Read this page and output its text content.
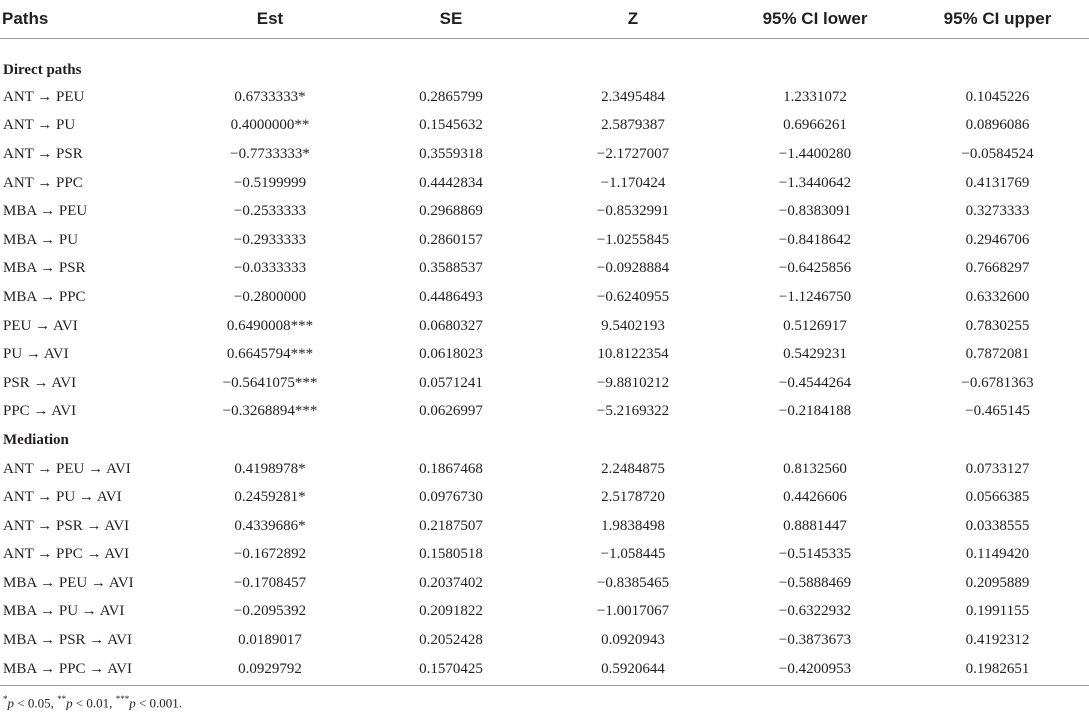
Paths	Est	SE	Z	95% CI lower	95% CI upper
Direct paths					
ANT → PEU	0.6733333*	0.2865799	2.3495484	1.2331072	0.1045226
ANT → PU	0.4000000**	0.1545632	2.5879387	0.6966261	0.0896086
ANT → PSR	−0.7733333*	0.3559318	−2.1727007	−1.4400280	−0.0584524
ANT → PPC	−0.5199999	0.4442834	−1.170424	−1.3440642	0.4131769
MBA → PEU	−0.2533333	0.2968869	−0.8532991	−0.8383091	0.3273333
MBA → PU	−0.2933333	0.2860157	−1.0255845	−0.8418642	0.2946706
MBA → PSR	−0.0333333	0.3588537	−0.0928884	−0.6425856	0.7668297
MBA → PPC	−0.2800000	0.4486493	−0.6240955	−1.1246750	0.6332600
PEU → AVI	0.6490008***	0.0680327	9.5402193	0.5126917	0.7830255
PU → AVI	0.6645794***	0.0618023	10.8122354	0.5429231	0.7872081
PSR → AVI	−0.5641075***	0.0571241	−9.8810212	−0.4544264	−0.6781363
PPC → AVI	−0.3268894***	0.0626997	−5.2169322	−0.2184188	−0.465145
Mediation					
ANT → PEU → AVI	0.4198978*	0.1867468	2.2484875	0.8132560	0.0733127
ANT → PU → AVI	0.2459281*	0.0976730	2.5178720	0.4426606	0.0566385
ANT → PSR → AVI	0.4339686*	0.2187507	1.9838498	0.8881447	0.0338555
ANT → PPC → AVI	−0.1672892	0.1580518	−1.058445	−0.5145335	0.1149420
MBA → PEU → AVI	−0.1708457	0.2037402	−0.8385465	−0.5888469	0.2095889
MBA → PU → AVI	−0.2095392	0.2091822	−1.0017067	−0.6322932	0.1991155
MBA → PSR → AVI	0.0189017	0.2052428	0.0920943	−0.3873673	0.4192312
MBA → PPC → AVI	0.0929792	0.1570425	0.5920644	−0.4200953	0.1982651
*p < 0.05, **p < 0.01, ***p < 0.001.
